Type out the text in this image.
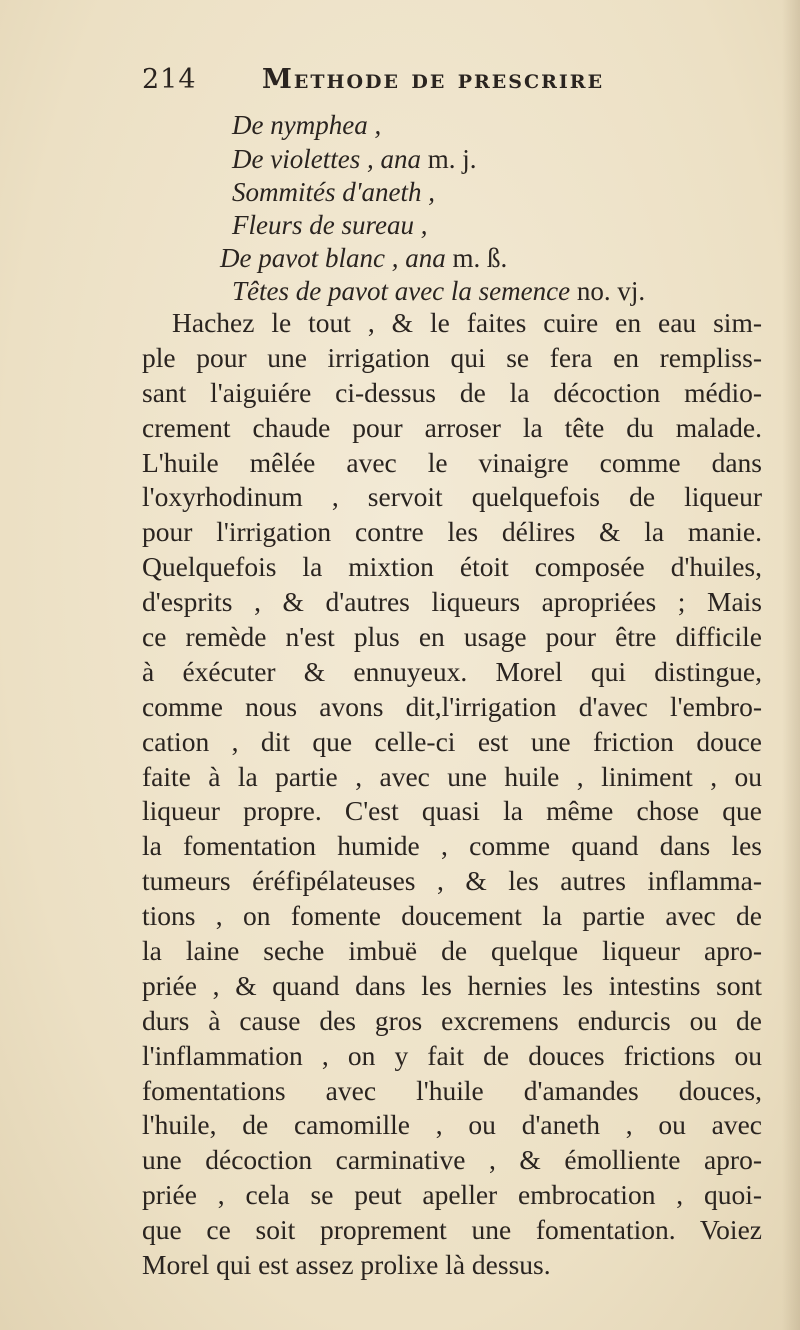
214 Methode de prescrire
De nymphea ,
De violettes , ana m. j.
Sommités d'aneth ,
Fleurs de sureau ,
De pavot blanc , ana m. ß.
Têtes de pavot avec la semence no. vj.
Hachez le tout , & le faites cuire en eau sim-
ple pour une irrigation qui se fera en rempliss-
sant l'aiguiére ci-dessus de la décoction médio-
crement chaude pour arroser la tête du malade.
L'huile mêlée avec le vinaigre comme dans
l'oxyrhodinum , servoit quelquefois de liqueur
pour l'irrigation contre les délires & la manie.
Quelquefois la mixtion étoit composée d'huiles,
d'esprits , & d'autres liqueurs apropriées ; Mais
ce remède n'est plus en usage pour être difficile
à éxécuter & ennuyeux. Morel qui distingue,
comme nous avons dit,l'irrigation d'avec l'embro-
cation , dit que celle-ci est une friction douce
faite à la partie , avec une huile , liniment , ou
liqueur propre. C'est quasi la même chose que
la fomentation humide , comme quand dans les
tumeurs éréfipélateuses , & les autres inflamma-
tions , on fomente doucement la partie avec de
la laine seche imbuë de quelque liqueur apro-
priée , & quand dans les hernies les intestins sont
durs à cause des gros excremens endurcis ou de
l'inflammation , on y fait de douces frictions ou
fomentations avec l'huile d'amandes douces,
l'huile, de camomille , ou d'aneth , ou avec
une décoction carminative , & émolliente apro-
priée , cela se peut apeller embrocation , quoi-
que ce soit proprement une fomentation. Voiez
Morel qui est assez prolixe là dessus.
